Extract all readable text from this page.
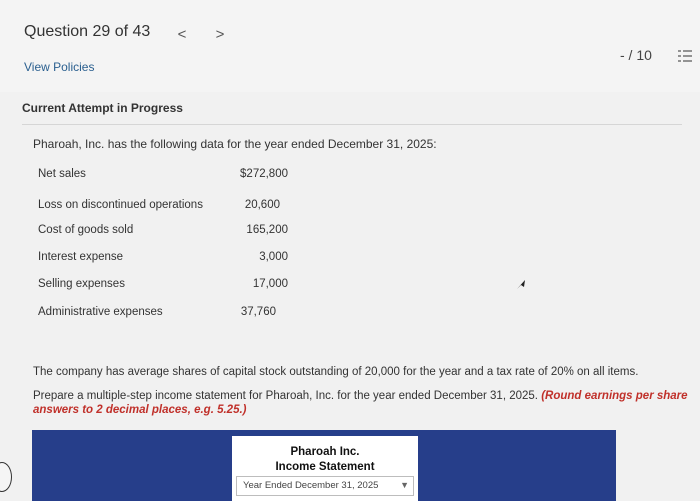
Question 29 of 43 < >
View Policies
- / 10
Current Attempt in Progress
Pharoah, Inc. has the following data for the year ended December 31, 2025:
Net sales	$272,800
Loss on discontinued operations	20,600
Cost of goods sold	165,200
Interest expense	3,000
Selling expenses	17,000
Administrative expenses	37,760
The company has average shares of capital stock outstanding of 20,000 for the year and a tax rate of 20% on all items.
Prepare a multiple-step income statement for Pharoah, Inc. for the year ended December 31, 2025. (Round earnings per share answers to 2 decimal places, e.g. 5.25.)
Pharoah Inc.
Income Statement
Year Ended December 31, 2025 ▼
